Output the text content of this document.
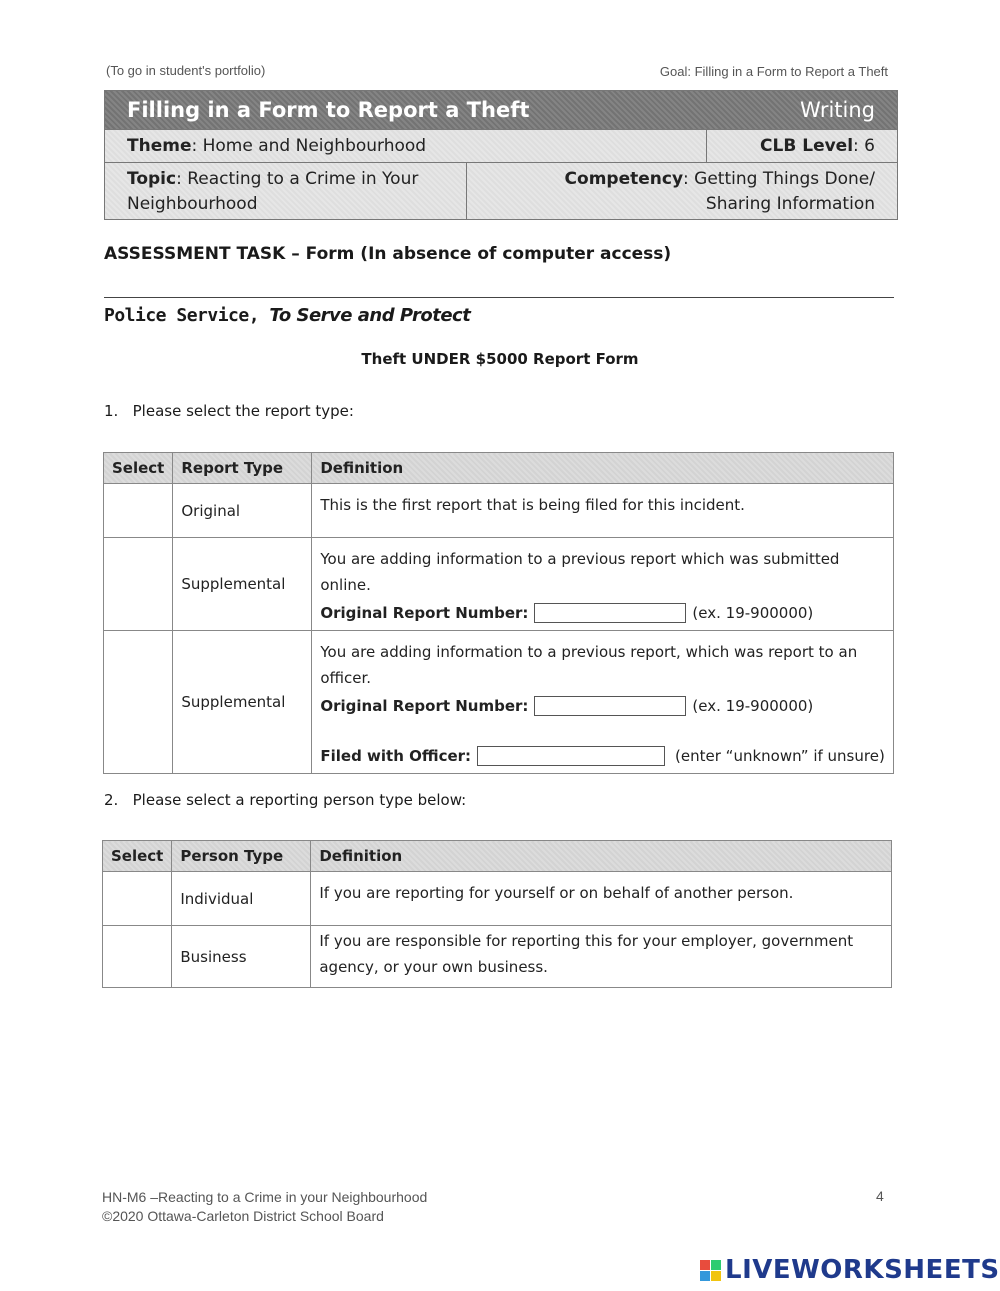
(To go in student's portfolio)	Goal: Filling in a Form to Report a Theft
Filling in a Form to Report a Theft	Writing
Theme : Home and Neighbourhood	CLB Level : 6
Topic: Reacting to a Crime in Your Neighbourhood
Competency: Getting Things Done/ Sharing Information
ASSESSMENT TASK – Form (In absence of computer access)
Police Service, To Serve and Protect
Theft UNDER $5000 Report Form
1. Please select the report type:
Select	Report Type	Definition
	Original	This is the first report that is being filed for this incident.
	Supplemental	You are adding information to a previous report which was submitted online.
Original Report Number: (ex. 19-900000)

	Supplemental	You are adding information to a previous report, which was report to an officer.
Original Report Number: (ex. 19-900000)
Filed with Officer: (enter “unknown” if unsure)
2. Please select a reporting person type below:
Select	Person Type	Definition
	Individual	If you are reporting for yourself or on behalf of another person.
	Business	If you are responsible for reporting this for your employer, government agency, or your own business.
HN-M6 –Reacting to a Crime in your Neighbourhood
©2020 Ottawa-Carleton District School Board
4
LIVEWORKSHEETS
